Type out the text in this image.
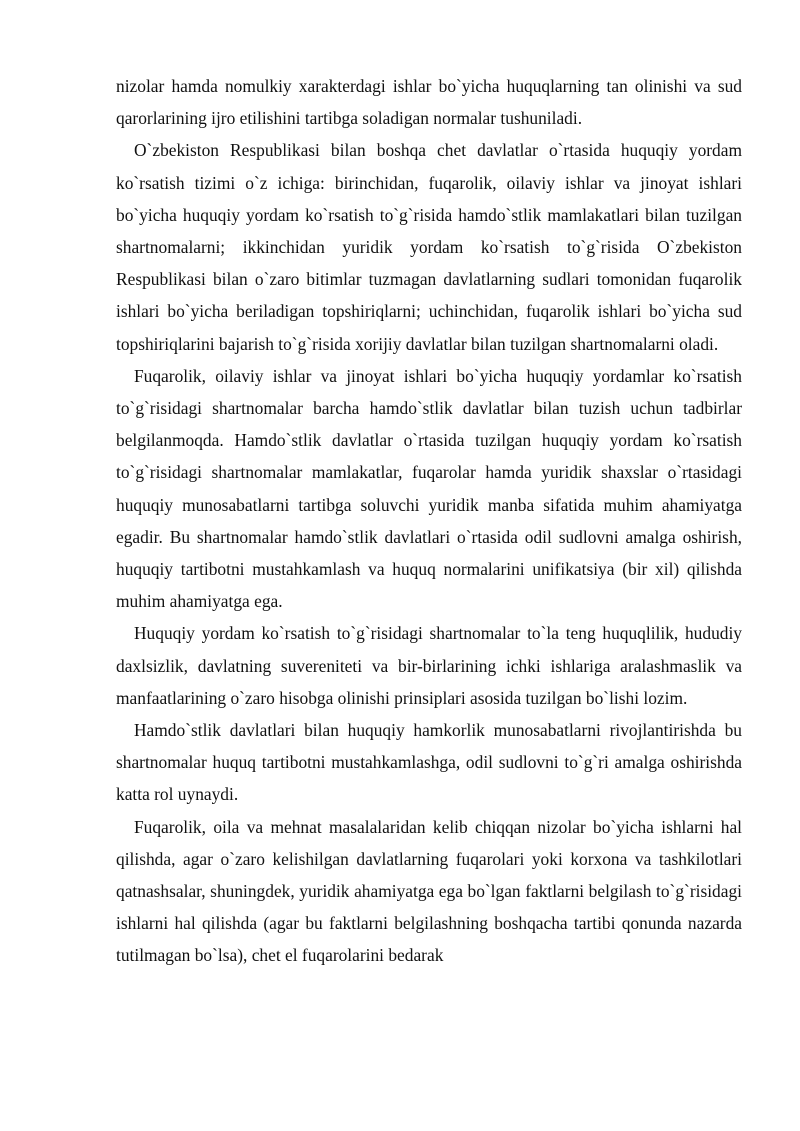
nizolar hamda nomulkiy xarakterdagi ishlar bo`yicha huquqlarning tan olinishi va sud qarorlarining ijro etilishini tartibga soladigan normalar tushuniladi.

O`zbekiston Respublikasi bilan boshqa chet davlatlar o`rtasida huquqiy yordam ko`rsatish tizimi o`z ichiga: birinchidan, fuqarolik, oilaviy ishlar va jinoyat ishlari bo`yicha huquqiy yordam ko`rsatish to`g`risida hamdo`stlik mamlakatlari bilan tuzilgan shartnomalarni; ikkinchidan yuridik yordam ko`rsatish to`g`risida O`zbekiston Respublikasi bilan o`zaro bitimlar tuzmagan davlatlarning sudlari tomonidan fuqarolik ishlari bo`yicha beriladigan topshiriqlarni; uchinchidan, fuqarolik ishlari bo`yicha sud topshiriqlarini bajarish to`g`risida xorijiy davlatlar bilan tuzilgan shartnomalarni oladi.

Fuqarolik, oilaviy ishlar va jinoyat ishlari bo`yicha huquqiy yordamlar ko`rsatish to`g`risidagi shartnomalar barcha hamdo`stlik davlatlar bilan tuzish uchun tadbirlar belgilanmoqda. Hamdo`stlik davlatlar o`rtasida tuzilgan huquqiy yordam ko`rsatish to`g`risidagi shartnomalar mamlakatlar, fuqarolar hamda yuridik shaxslar o`rtasidagi huquqiy munosabatlarni tartibga soluvchi yuridik manba sifatida muhim ahamiyatga egadir. Bu shartnomalar hamdo`stlik davlatlari o`rtasida odil sudlovni amalga oshirish, huquqiy tartibotni mustahkamlash va huquq normalarini unifikatsiya (bir xil) qilishda muhim ahamiyatga ega.

Huquqiy yordam ko`rsatish to`g`risidagi shartnomalar to`la teng huquqlilik, hududiy daxlsizlik, davlatning suvereniteti va bir-birlarining ichki ishlariga aralashmaslik va manfaatlarining o`zaro hisobga olinishi prinsiplari asosida tuzilgan bo`lishi lozim.

Hamdo`stlik davlatlari bilan huquqiy hamkorlik munosabatlarni rivojlantirishda bu shartnomalar huquq tartibotni mustahkamlashga, odil sudlovni to`g`ri amalga oshirishda katta rol uynaydi.

Fuqarolik, oila va mehnat masalalaridan kelib chiqqan nizolar bo`yicha ishlarni hal qilishda, agar o`zaro kelishilgan davlatlarning fuqarolari yoki korxona va tashkilotlari qatnashsalar, shuningdek, yuridik ahamiyatga ega bo`lgan faktlarni belgilash to`g`risidagi ishlarni hal qilishda (agar bu faktlarni belgilashning boshqacha tartibi qonunda nazarda tutilmagan bo`lsa), chet el fuqarolarini bedarak
